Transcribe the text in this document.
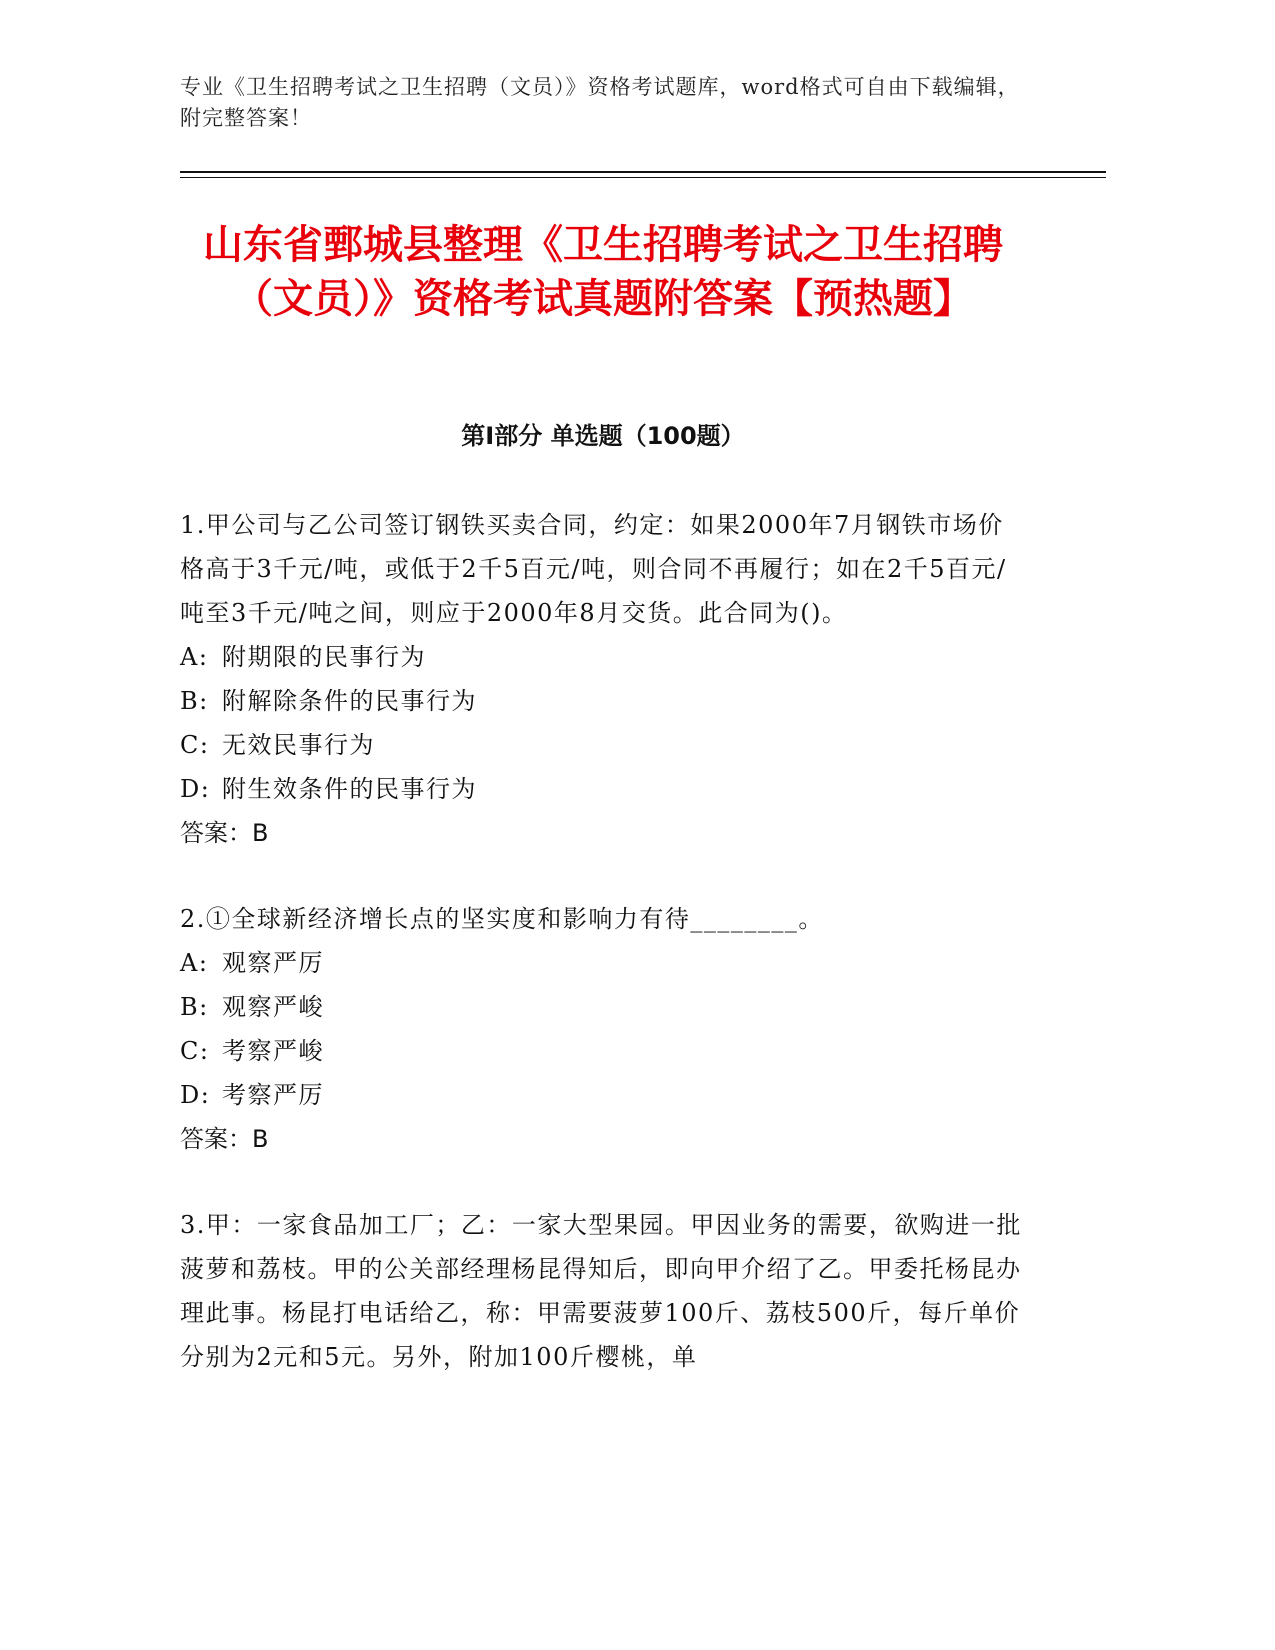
专业《卫生招聘考试之卫生招聘（文员）》资格考试题库，word格式可自由下载编辑，附完整答案！
山东省鄄城县整理《卫生招聘考试之卫生招聘（文员）》资格考试真题附答案【预热题】
第I部分 单选题（100题）

1.甲公司与乙公司签订钢铁买卖合同，约定：如果2000年7月钢铁市场价格高于3千元/吨，或低于2千5百元/吨，则合同不再履行；如在2千5百元/吨至3千元/吨之间，则应于2000年8月交货。此合同为()。

A: 附期限的民事行为

B: 附解除条件的民事行为

C: 无效民事行为

D: 附生效条件的民事行为

答案：B

2.①全球新经济增长点的坚实度和影响力有待________。

A: 观察严厉

B: 观察严峻

C: 考察严峻

D: 考察严厉

答案：B

3.甲：一家食品加工厂；乙：一家大型果园。甲因业务的需要，欲购进一批菠萝和荔枝。甲的公关部经理杨昆得知后，即向甲介绍了乙。甲委托杨昆办理此事。杨昆打电话给乙，称：甲需要菠萝100斤、荔枝500斤，每斤单价分别为2元和5元。另外，附加100斤樱桃，单
